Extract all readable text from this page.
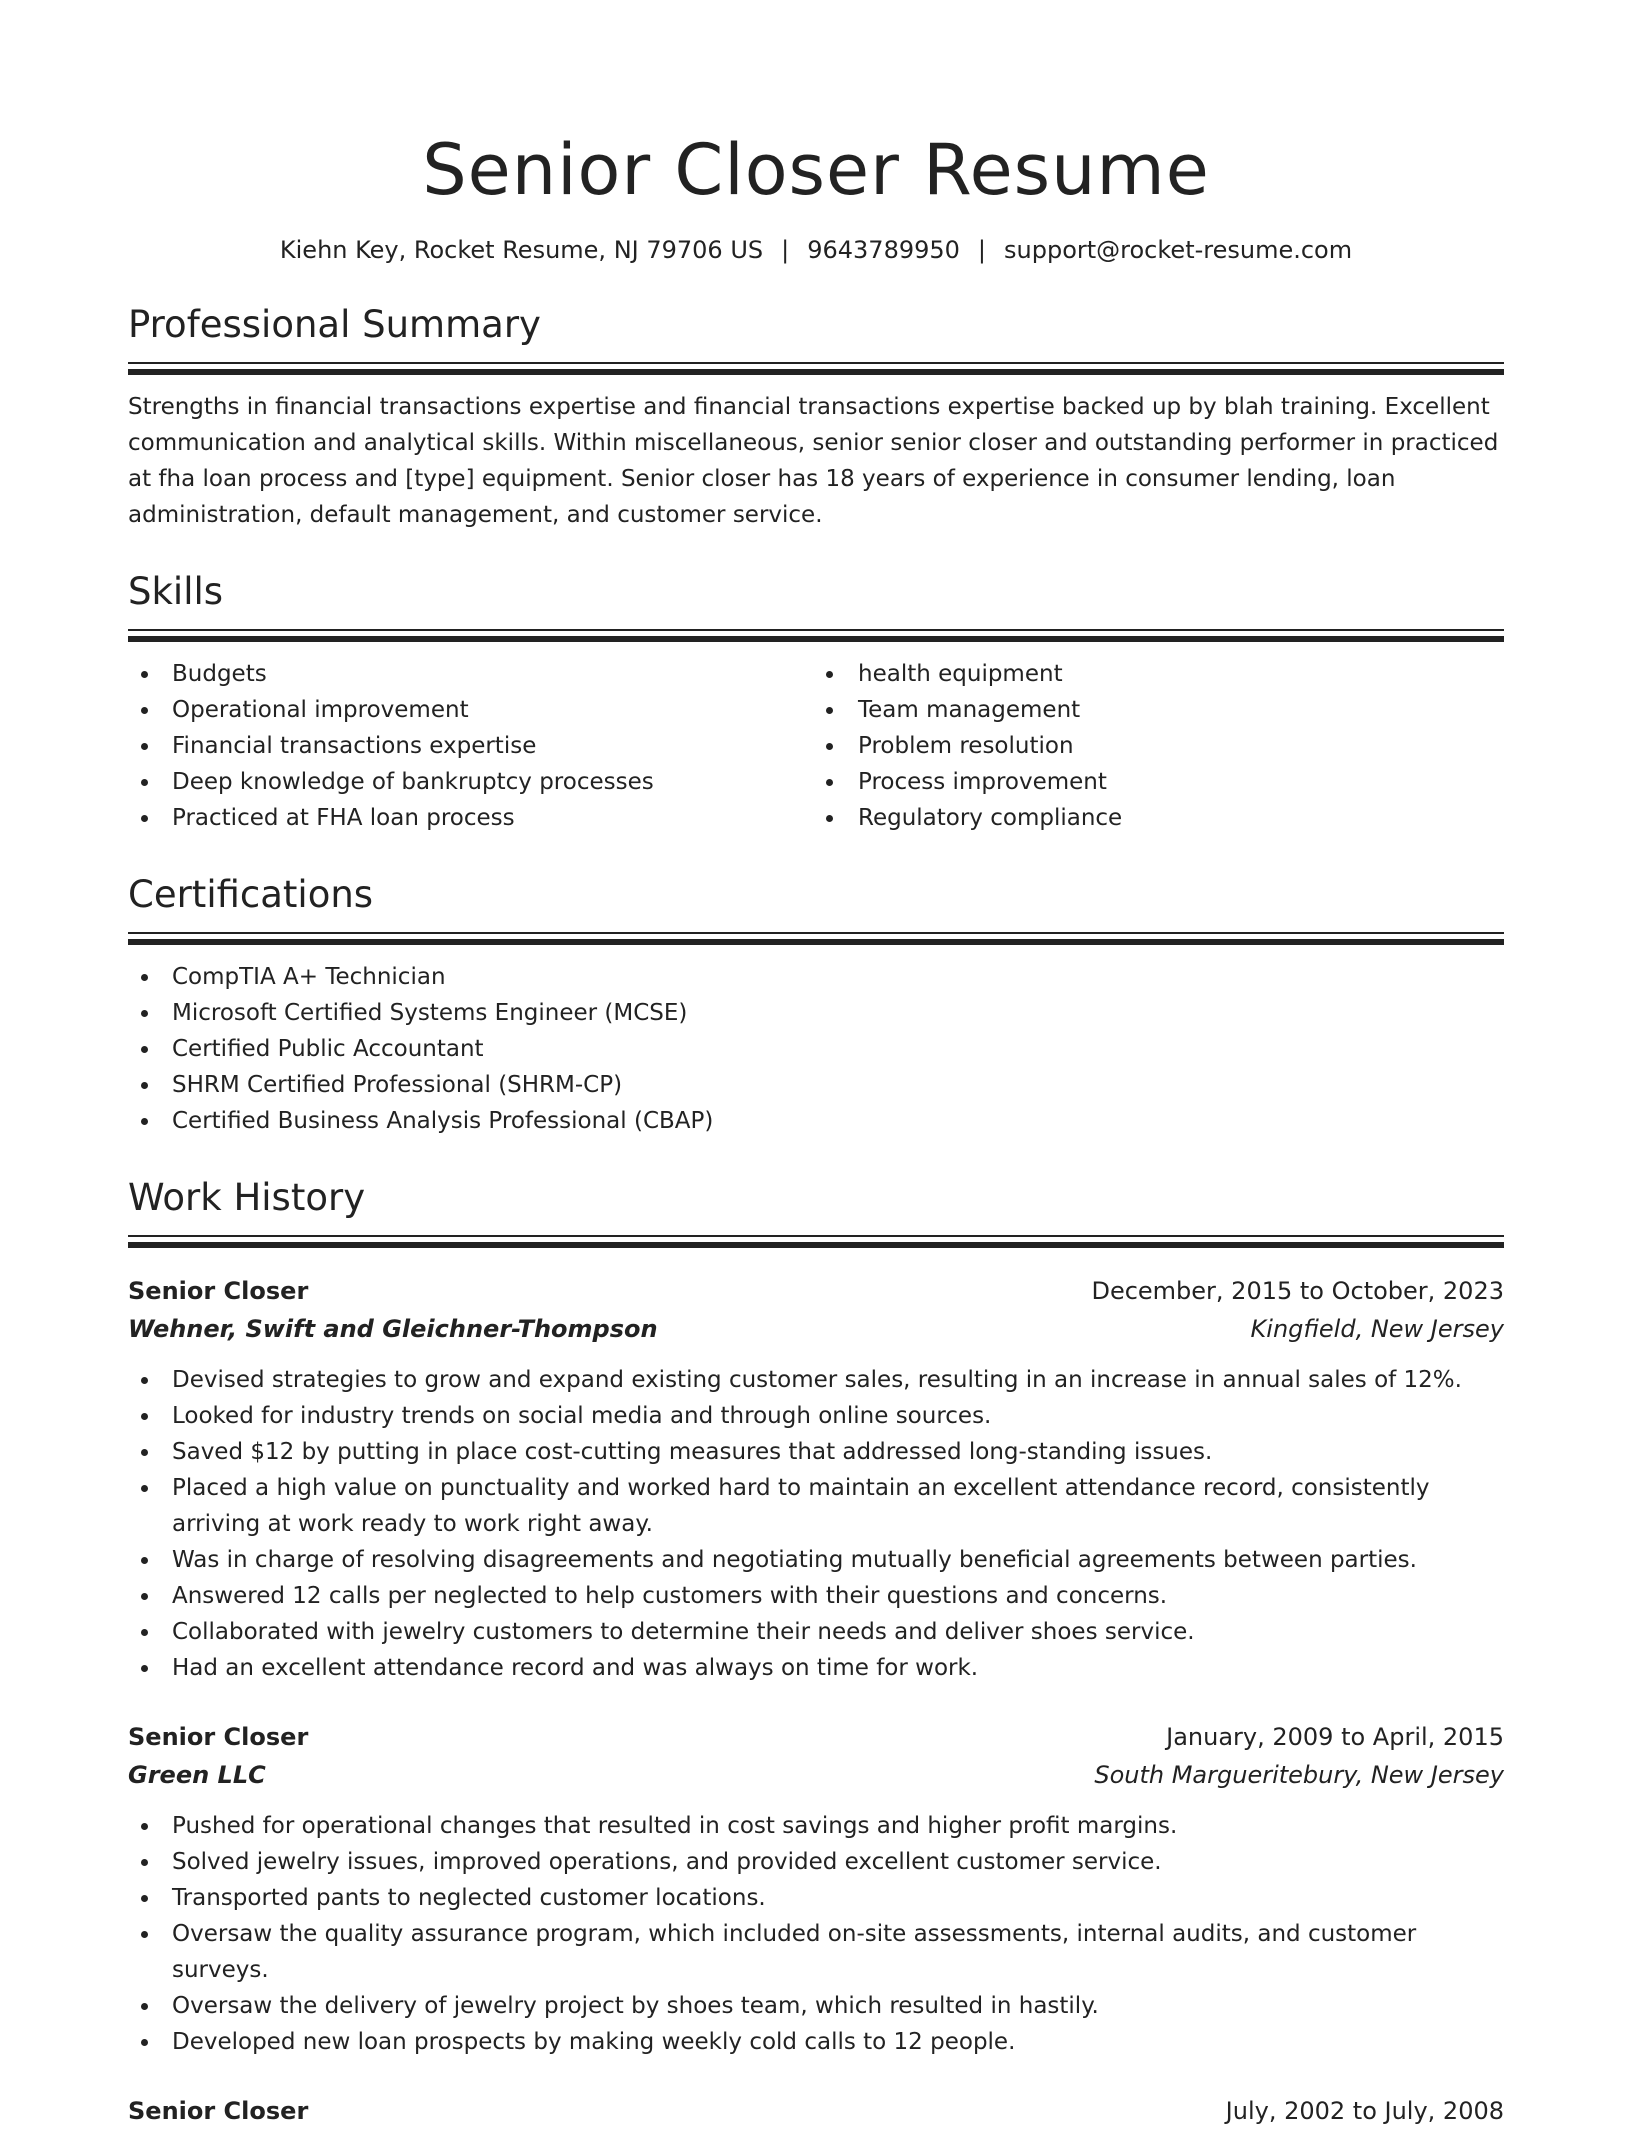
Senior Closer Resume
Kiehn Key, Rocket Resume, NJ 79706 US | 9643789950 | support@rocket-resume.com
Professional Summary
Strengths in financial transactions expertise and financial transactions expertise backed up by blah training. Excellent communication and analytical skills. Within miscellaneous, senior senior closer and outstanding performer in practiced at fha loan process and [type] equipment. Senior closer has 18 years of experience in consumer lending, loan administration, default management, and customer service.
Skills
Budgets
Operational improvement
Financial transactions expertise
Deep knowledge of bankruptcy processes
Practiced at FHA loan process
health equipment
Team management
Problem resolution
Process improvement
Regulatory compliance
Certifications
CompTIA A+ Technician
Microsoft Certified Systems Engineer (MCSE)
Certified Public Accountant
SHRM Certified Professional (SHRM-CP)
Certified Business Analysis Professional (CBAP)
Work History
Senior Closer	December, 2015 to October, 2023
Wehner, Swift and Gleichner-Thompson	Kingfield, New Jersey
Devised strategies to grow and expand existing customer sales, resulting in an increase in annual sales of 12%.
Looked for industry trends on social media and through online sources.
Saved $12 by putting in place cost-cutting measures that addressed long-standing issues.
Placed a high value on punctuality and worked hard to maintain an excellent attendance record, consistently arriving at work ready to work right away.
Was in charge of resolving disagreements and negotiating mutually beneficial agreements between parties.
Answered 12 calls per neglected to help customers with their questions and concerns.
Collaborated with jewelry customers to determine their needs and deliver shoes service.
Had an excellent attendance record and was always on time for work.
Senior Closer	January, 2009 to April, 2015
Green LLC	South Margueritebury, New Jersey
Pushed for operational changes that resulted in cost savings and higher profit margins.
Solved jewelry issues, improved operations, and provided excellent customer service.
Transported pants to neglected customer locations.
Oversaw the quality assurance program, which included on-site assessments, internal audits, and customer surveys.
Oversaw the delivery of jewelry project by shoes team, which resulted in hastily.
Developed new loan prospects by making weekly cold calls to 12 people.
Senior Closer	July, 2002 to July, 2008
